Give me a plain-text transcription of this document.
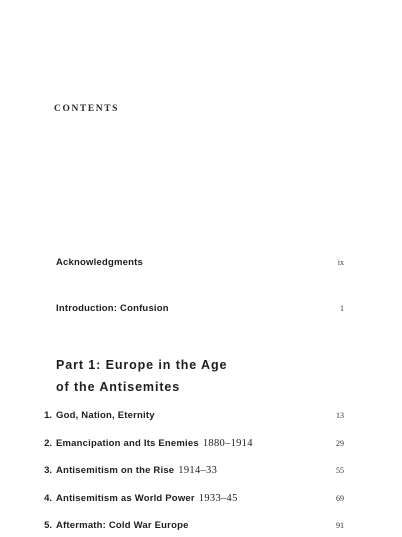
CONTENTS
Acknowledgments	ix
Introduction: Confusion	1
Part 1: Europe in the Age
of the Antisemites
1. God, Nation, Eternity	13
2. Emancipation and Its Enemies 1880–1914	29
3. Antisemitism on the Rise 1914–33	55
4. Antisemitism as World Power 1933–45	69
5. Aftermath: Cold War Europe	91
